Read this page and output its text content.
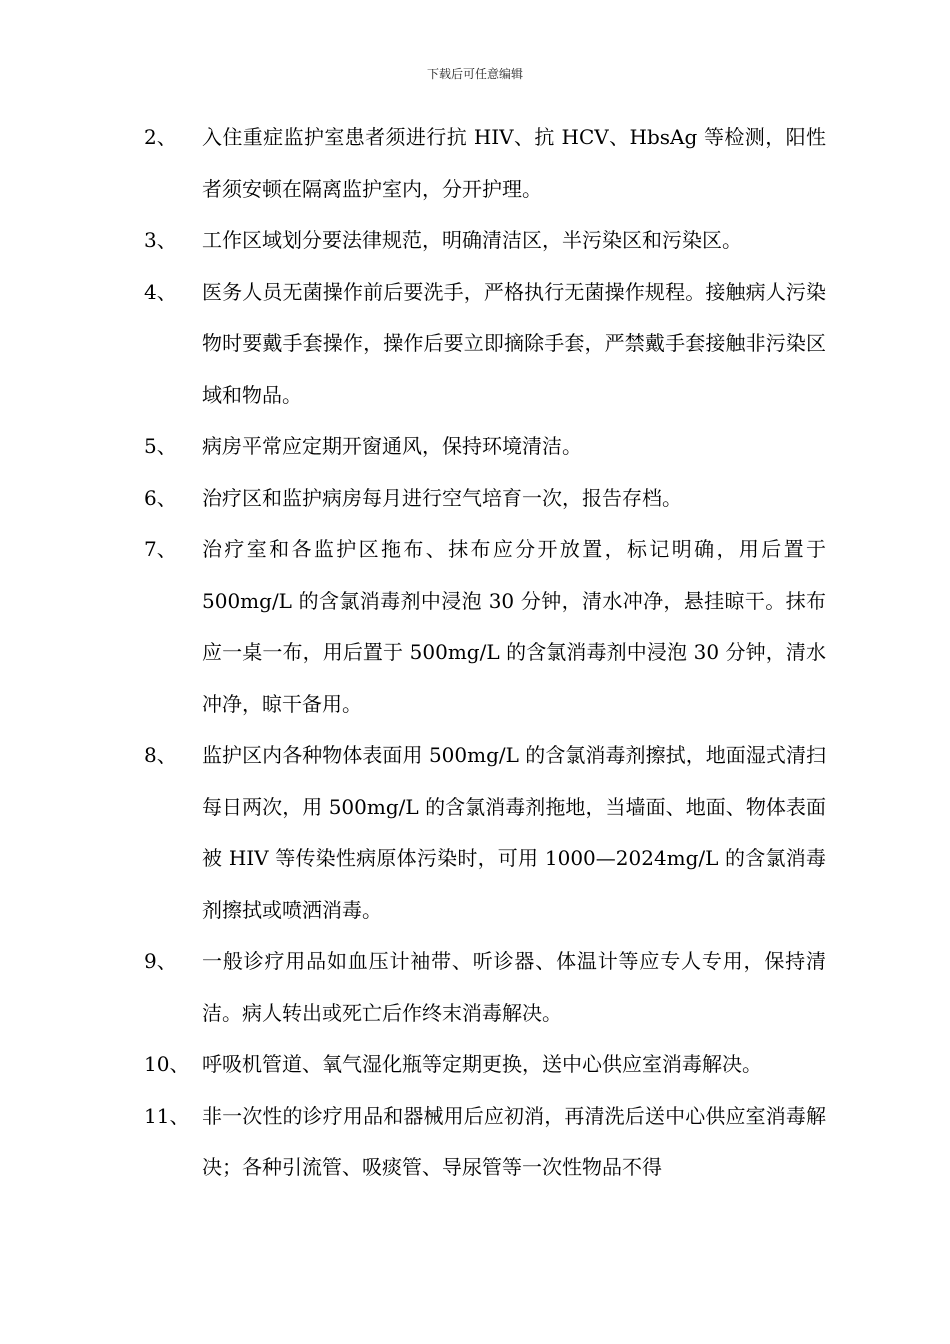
下载后可任意编辑
2、 入住重症监护室患者须进行抗 HIV、抗 HCV、HbsAg 等检测，阳性者须安顿在隔离监护室内，分开护理。

3、 工作区域划分要法律规范，明确清洁区，半污染区和污染区。

4、 医务人员无菌操作前后要洗手，严格执行无菌操作规程。接触病人污染物时要戴手套操作，操作后要立即摘除手套，严禁戴手套接触非污染区域和物品。

5、 病房平常应定期开窗通风，保持环境清洁。

6、 治疗区和监护病房每月进行空气培育一次，报告存档。

7、 治疗室和各监护区拖布、抹布应分开放置，标记明确，用后置于 500mg/L 的含氯消毒剂中浸泡 30 分钟，清水冲净，悬挂晾干。抹布应一桌一布，用后置于 500mg/L 的含氯消毒剂中浸泡 30 分钟，清水冲净，晾干备用。

8、 监护区内各种物体表面用 500mg/L 的含氯消毒剂擦拭，地面湿式清扫每日两次，用 500mg/L 的含氯消毒剂拖地，当墙面、地面、物体表面被 HIV 等传染性病原体污染时，可用 1000—2024mg/L 的含氯消毒剂擦拭或喷洒消毒。

9、 一般诊疗用品如血压计袖带、听诊器、体温计等应专人专用，保持清洁。病人转出或死亡后作终末消毒解决。

10、 呼吸机管道、氧气湿化瓶等定期更换，送中心供应室消毒解决。

11、 非一次性的诊疗用品和器械用后应初消，再清洗后送中心供应室消毒解决；各种引流管、吸痰管、导尿管等一次性物品不得
